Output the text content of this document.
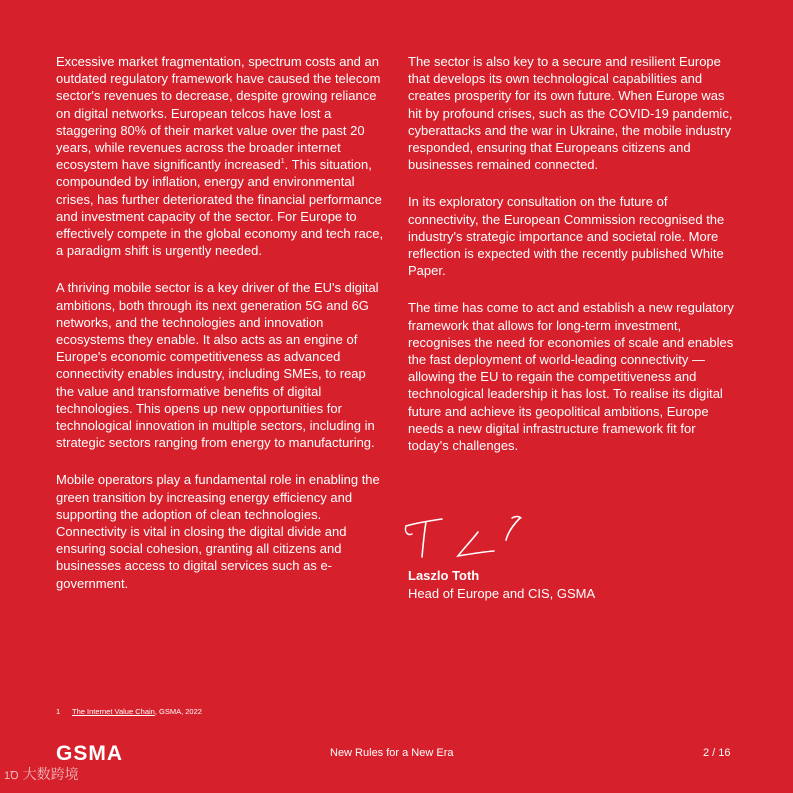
Excessive market fragmentation, spectrum costs and an outdated regulatory framework have caused the telecom sector's revenues to decrease, despite growing reliance on digital networks. European telcos have lost a staggering 80% of their market value over the past 20 years, while revenues across the broader internet ecosystem have significantly increased$^1$. This situation, compounded by inflation, energy and environmental crises, has further deteriorated the financial performance and investment capacity of the sector. For Europe to effectively compete in the global economy and tech race, a paradigm shift is urgently needed.

A thriving mobile sector is a key driver of the EU's digital ambitions, both through its next generation 5G and 6G networks, and the technologies and innovation ecosystems they enable. It also acts as an engine of Europe's economic competitiveness as advanced connectivity enables industry, including SMEs, to reap the value and transformative benefits of digital technologies. This opens up new opportunities for technological innovation in multiple sectors, including in strategic sectors ranging from energy to manufacturing.

Mobile operators play a fundamental role in enabling the green transition by increasing energy efficiency and supporting the adoption of clean technologies. Connectivity is vital in closing the digital divide and ensuring social cohesion, granting all citizens and businesses access to digital services such as e-government.

The sector is also key to a secure and resilient Europe that develops its own technological capabilities and creates prosperity for its own future. When Europe was hit by profound crises, such as the COVID-19 pandemic, cyberattacks and the war in Ukraine, the mobile industry responded, ensuring that Europeans citizens and businesses remained connected.

In its exploratory consultation on the future of connectivity, the European Commission recognised the industry's strategic importance and societal role. More reflection is expected with the recently published White Paper.

The time has come to act and establish a new regulatory framework that allows for long-term investment, recognises the need for economies of scale and enables the fast deployment of world-leading connectivity — allowing the EU to regain the competitiveness and technological leadership it has lost. To realise its digital future and achieve its geopolitical ambitions, Europe needs a new digital infrastructure framework fit for today's challenges.

Laszlo Toth
Head of Europe and CIS, GSMA
1 The Internet Value Chain, GSMA, 2022
GSMA	New Rules for a New Era	2 / 16
1Ꝺ 大数跨境
